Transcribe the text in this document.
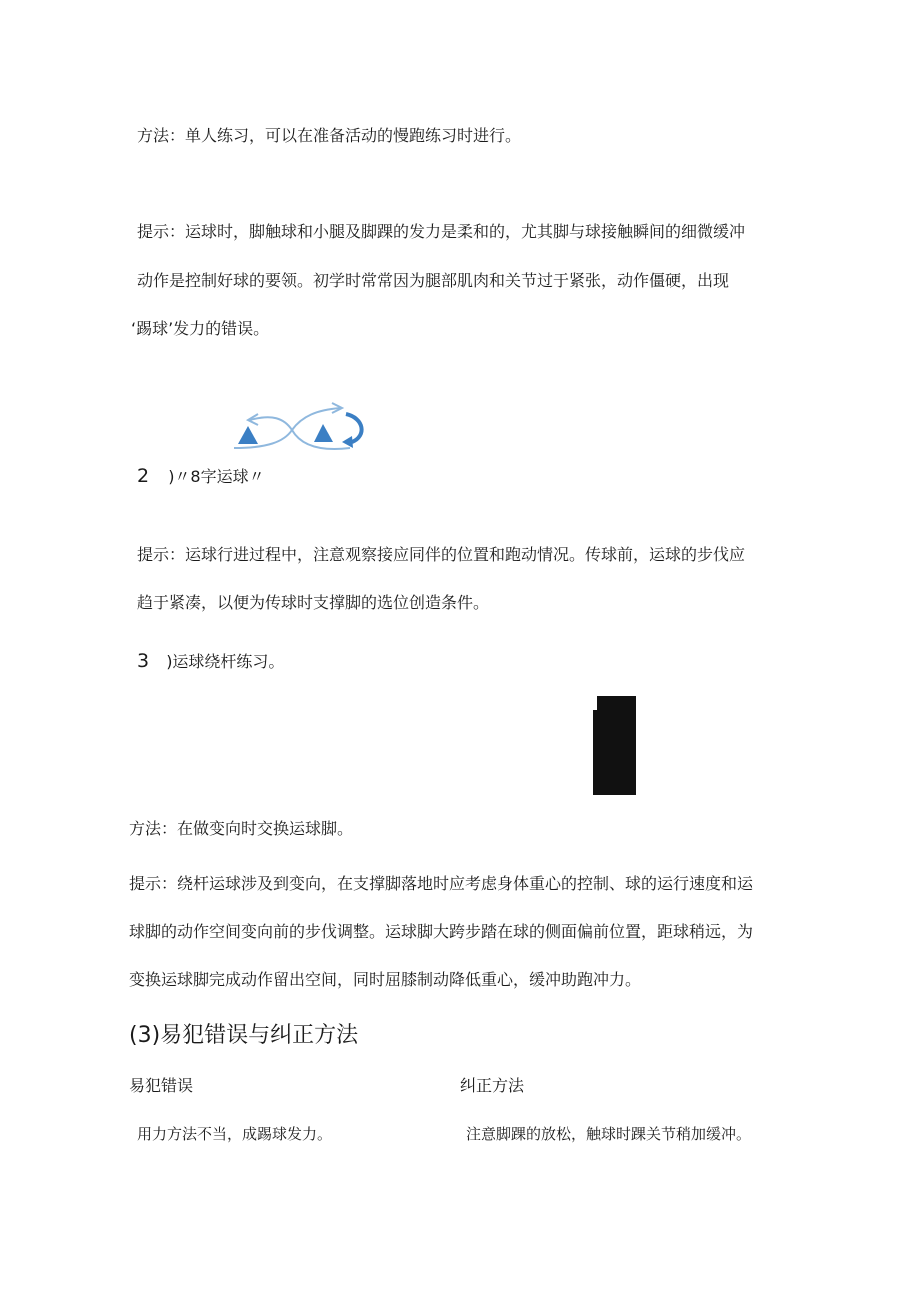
方法：单人练习，可以在准备活动的慢跑练习时进行。
提示：运球时，脚触球和小腿及脚踝的发力是柔和的，尤其脚与球接触瞬间的细微缓冲
动作是控制好球的要领。初学时常常因为腿部肌肉和关节过于紧张，动作僵硬，出现
‘踢球’发力的错误。
2 )〃8字运球〃
提示：运球行进过程中，注意观察接应同伴的位置和跑动情况。传球前，运球的步伐应
趋于紧凑，以便为传球时支撑脚的选位创造条件。
3 )运球绕杆练习。
方法：在做变向时交换运球脚。
提示：绕杆运球涉及到变向，在支撑脚落地时应考虑身体重心的控制、球的运行速度和运
球脚的动作空间变向前的步伐调整。运球脚大跨步踏在球的侧面偏前位置，距球稍远，为
变换运球脚完成动作留出空间，同时屈膝制动降低重心，缓冲助跑冲力。
(3)易犯错误与纠正方法
易犯错误	纠正方法
用力方法不当，成踢球发力。	注意脚踝的放松，触球时踝关节稍加缓冲。
